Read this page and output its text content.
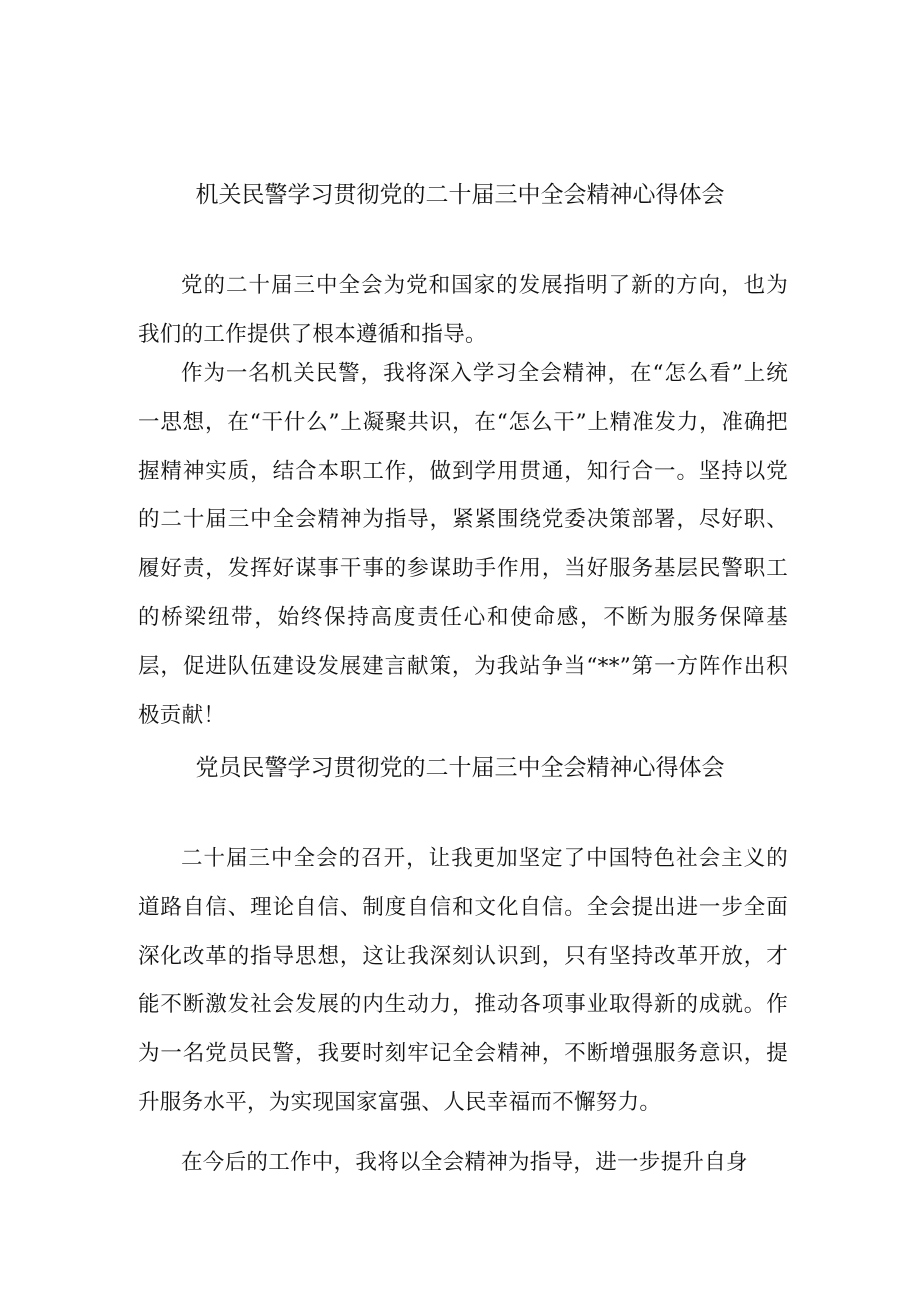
机关民警学习贯彻党的二十届三中全会精神心得体会

党的二十届三中全会为党和国家的发展指明了新的方向，也为我们的工作提供了根本遵循和指导。

作为一名机关民警，我将深入学习全会精神，在“怎么看”上统一思想，在“干什么”上凝聚共识，在“怎么干”上精准发力，准确把握精神实质，结合本职工作，做到学用贯通，知行合一。坚持以党的二十届三中全会精神为指导，紧紧围绕党委决策部署，尽好职、履好责，发挥好谋事干事的参谋助手作用，当好服务基层民警职工的桥梁纽带，始终保持高度责任心和使命感，不断为服务保障基层，促进队伍建设发展建言献策，为我站争当“**”第一方阵作出积极贡献！

党员民警学习贯彻党的二十届三中全会精神心得体会

二十届三中全会的召开，让我更加坚定了中国特色社会主义的道路自信、理论自信、制度自信和文化自信。全会提出进一步全面深化改革的指导思想，这让我深刻认识到，只有坚持改革开放，才能不断激发社会发展的内生动力，推动各项事业取得新的成就。作为一名党员民警，我要时刻牢记全会精神，不断增强服务意识，提升服务水平，为实现国家富强、人民幸福而不懈努力。

在今后的工作中，我将以全会精神为指导，进一步提升自身
